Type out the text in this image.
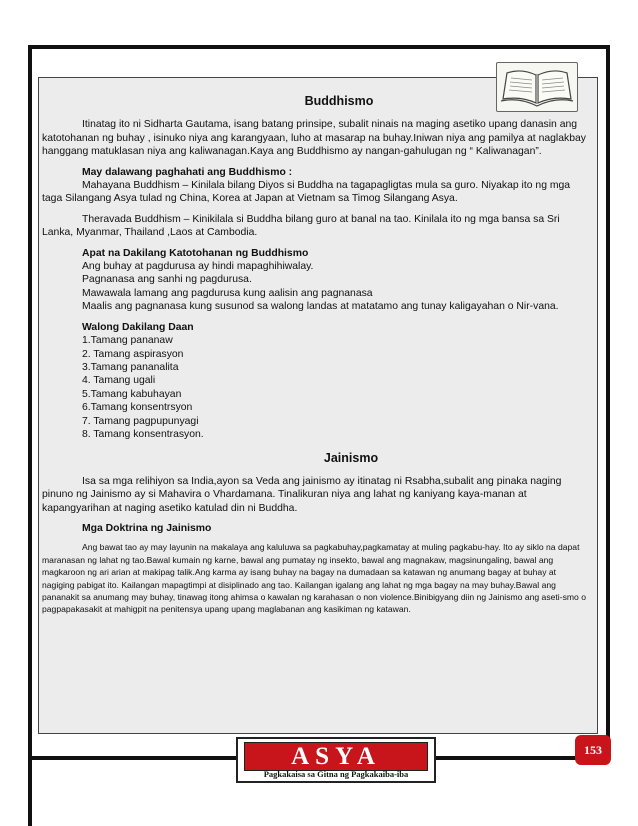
Buddhismo

Itinatag ito ni Sidharta Gautama, isang batang prinsipe, subalit ninais na maging asetiko upang danasin ang katotohanan ng buhay , isinuko niya ang karangyaan, luho at masarap na buhay.Iniwan niya ang pamilya at naglakbay hanggang matuklasan niya ang kaliwanagan.Kaya ang Buddhismo ay nangan-gahulugan ng “ Kaliwanagan”.

May dalawang paghahati ang Buddhismo :

Mahayana Buddhism – Kinilala bilang Diyos si Buddha na tagapagligtas mula sa guro. Niyakap ito ng mga taga Silangang Asya tulad ng China, Korea at Japan at Vietnam sa Timog Silangang Asya.

Theravada Buddhism – Kinikilala si Buddha bilang guro at banal na tao. Kinilala ito ng mga bansa sa Sri Lanka, Myanmar, Thailand ,Laos at Cambodia.

Apat na Dakilang Katotohanan ng Buddhismo

Ang buhay at pagdurusa ay hindi mapaghihiwalay.

Pagnanasa ang sanhi ng pagdurusa.

Mawawala lamang ang pagdurusa kung aalisin ang pagnanasa

Maalis ang pagnanasa kung susunod sa walong landas at matatamo ang tunay kaligayahan o Nir-vana.

Walong Dakilang Daan

1.Tamang pananaw

2. Tamang aspirasyon

3.Tamang pananalita

4. Tamang ugali

5.Tamang kabuhayan

6.Tamang konsentrsyon

7. Tamang pagpupunyagi

8. Tamang konsentrasyon.

Jainismo

Isa sa mga relihiyon sa India,ayon sa Veda ang jainismo ay itinatag ni Rsabha,subalit ang pinaka naging pinuno ng Jainismo ay si Mahavira o Vhardamana. Tinalikuran niya ang lahat ng kaniyang kaya-manan at kapangyarihan at naging asetiko katulad din ni Buddha.

Mga Doktrina ng Jainismo

Ang bawat tao ay may layunin na makalaya ang kaluluwa sa pagkabuhay,pagkamatay at muling pagkabu-hay. Ito ay siklo na dapat maranasan ng lahat ng tao.Bawal kumain ng karne, bawal ang pumatay ng insekto, bawal ang magnakaw, magsinungaling, bawal ang magkaroon ng ari arian at makipag talik.Ang karma ay isang buhay na bagay na dumadaan sa katawan ng anumang bagay at buhay at nagiging pabigat ito. Kailangan mapagtimpi at disiplinado ang tao. Kailangan igalang ang lahat ng mga bagay na may buhay.Bawal ang pananakit sa anumang may buhay, tinawag itong ahimsa o kawalan ng karahasan o non violence.Binibigyang diin ng Jainismo ang aseti-smo o pagpapakasakit at mahigpit na penitensya upang upang maglabanan ang kasikiman ng katawan.

ASYA
Pagkakaisa sa Gitna ng Pagkakaiba-iba
153
